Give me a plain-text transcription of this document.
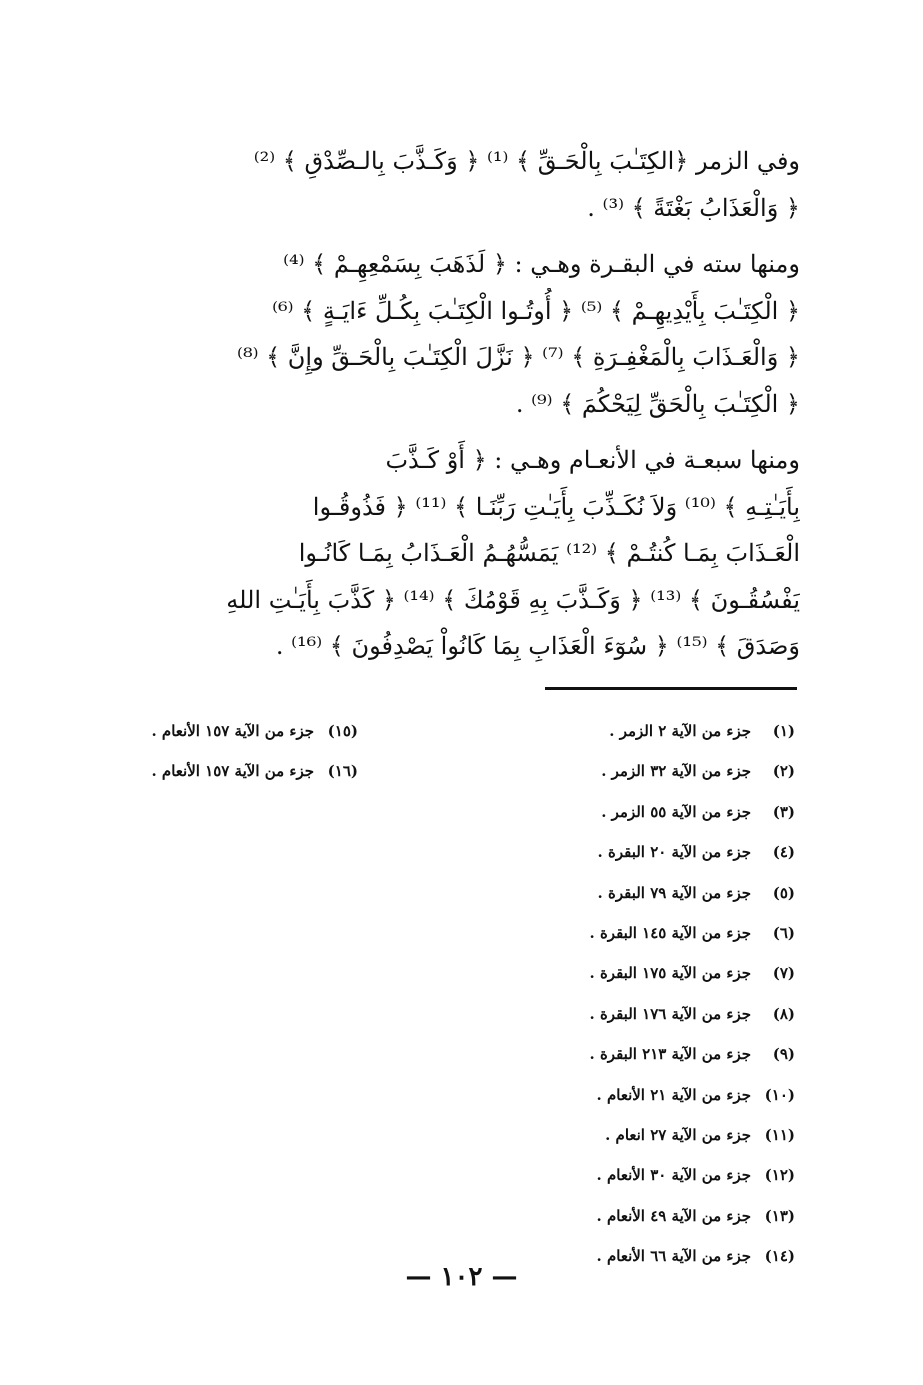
وفي الزمر ﴿الكِتَـٰبَ بِالْحَـقِّ ﴾ ⁽¹⁾ ﴿ وَكَـذَّبَ بِالـصِّدْقِ ﴾ ⁽²⁾
﴿ وَالْعَذَابُ بَغْتَةً ﴾ ⁽³⁾ .

ومنها سته في البقـرة وهـي : ﴿ لَذَهَبَ بِسَمْعِهِـمْ ﴾ ⁽⁴⁾
﴿ الْكِتَـٰبَ بِأَيْدِيهِـمْ ﴾ ⁽⁵⁾ ﴿ أُوتُـوا الْكِتَـٰبَ بِكُـلِّ ءَايَـةٍ ﴾ ⁽⁶⁾
﴿ وَالْعَـذَابَ بِالْمَغْفِـرَةِ ﴾ ⁽⁷⁾ ﴿ نَزَّلَ الْكِتَـٰبَ بِالْحَـقِّ وإِنَّ ﴾ ⁽⁸⁾
﴿ الْكِتَـٰبَ بِالْحَقِّ لِيَحْكُمَ ﴾ ⁽⁹⁾ .

ومنها سبعـة في الأنعـام وهـي : ﴿ أَوْ كَـذَّبَ
بِأَيَـٰتِـهِ ﴾ ⁽¹⁰⁾ وَلاَ نُكَـذِّبَ بِأَيَـٰتِ رَبِّنَـا ﴾ ⁽¹¹⁾ ﴿ فَذُوقُـوا
الْعَـذَابَ بِمَـا كُنتُـمْ ﴾ ⁽¹²⁾ يَمَسُّهُـمُ الْعَـذَابُ بِمَـا كَانُـوا
يَفْسُقُـونَ ﴾ ⁽¹³⁾ ﴿ وَكَـذَّبَ بِهِ قَوْمُكَ ﴾ ⁽¹⁴⁾ ﴿ كَذَّبَ بِأَيَـٰتِ اللهِ
وَصَدَقَ ﴾ ⁽¹⁵⁾ ﴿ سُوٓءَ الْعَذَابِ بِمَا كَانُواْ يَصْدِفُونَ ﴾ ⁽¹⁶⁾ .

(١)
جزء من الآية ٢ الزمر .
(٢)
جزء من الآية ٣٢ الزمر .
(٣)
جزء من الآية ٥٥ الزمر .
(٤)
جزء من الآية ٢٠ البقرة .
(٥)
جزء من الآية ٧٩ البقرة .
(٦)
جزء من الآية ١٤٥ البقرة .
(٧)
جزء من الآية ١٧٥ البقرة .
(٨)
جزء من الآية ١٧٦ البقرة .
(٩)
جزء من الآية ٢١٣ البقرة .
(١٠)
جزء من الآية ٢١ الأنعام .
(١١)
جزء من الآية ٢٧ انعام .
(١٢)
جزء من الآية ٣٠ الأنعام .
(١٣)
جزء من الآية ٤٩ الأنعام .
(١٤)
جزء من الآية ٦٦ الأنعام .
(١٥)
جزء من الآية ١٥٧ الأنعام .
(١٦)
جزء من الآية ١٥٧ الأنعام .
— ١٠٢ —
